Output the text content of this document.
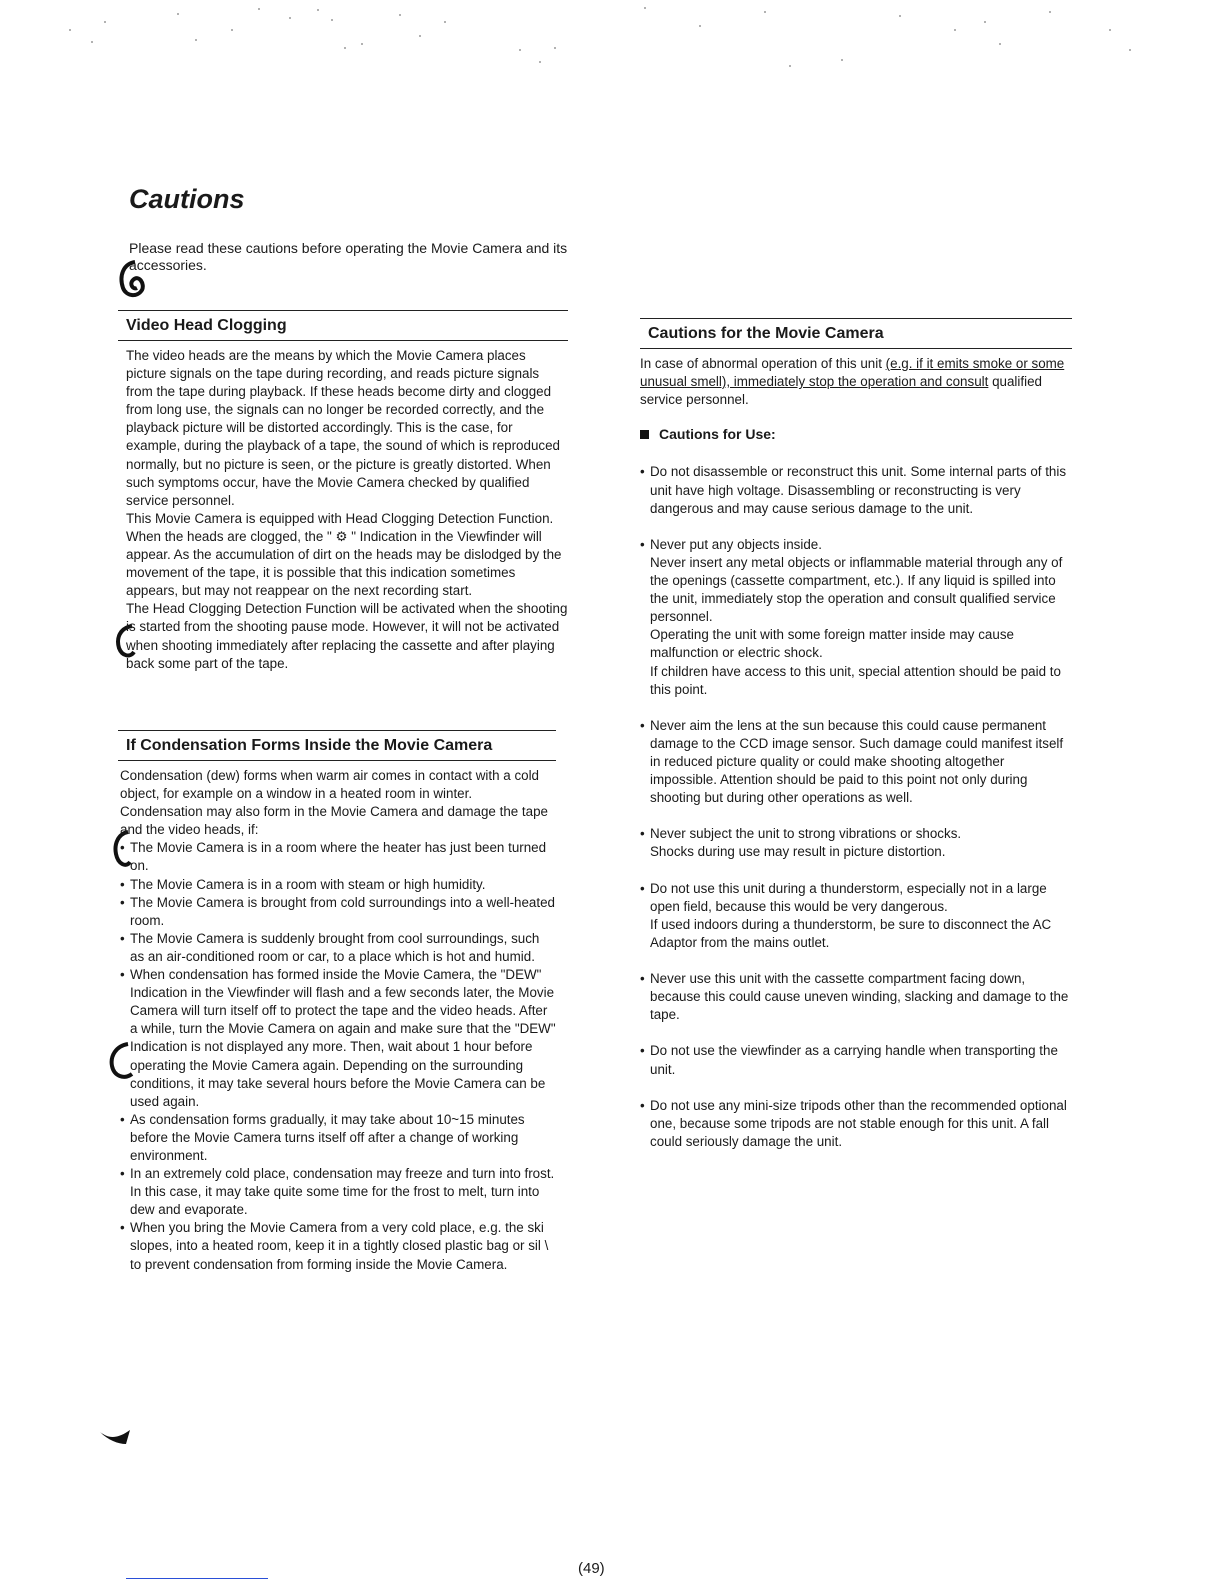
Cautions

Please read these cautions before operating the Movie Camera and its accessories.

Video Head Clogging

The video heads are the means by which the Movie Camera places picture signals on the tape during recording, and reads picture signals from the tape during playback. If these heads become dirty and clogged from long use, the signals can no longer be recorded correctly, and the playback picture will be distorted accordingly. This is the case, for example, during the playback of a tape, the sound of which is reproduced normally, but no picture is seen, or the picture is greatly distorted. When such symptoms occur, have the Movie Camera checked by qualified service personnel.

This Movie Camera is equipped with Head Clogging Detection Function. When the heads are clogged, the " ⚙ " Indication in the Viewfinder will appear. As the accumulation of dirt on the heads may be dislodged by the movement of the tape, it is possible that this indication sometimes appears, but may not reappear on the next recording start.

The Head Clogging Detection Function will be activated when the shooting is started from the shooting pause mode. However, it will not be activated when shooting immediately after replacing the cassette and after playing back some part of the tape.

If Condensation Forms Inside the Movie Camera

Condensation (dew) forms when warm air comes in contact with a cold object, for example on a window in a heated room in winter. Condensation may also form in the Movie Camera and damage the tape and the video heads, if:

• The Movie Camera is in a room where the heater has just been turned on.
• The Movie Camera is in a room with steam or high humidity.
• The Movie Camera is brought from cold surroundings into a well-heated room.
• The Movie Camera is suddenly brought from cool surroundings, such as an air-conditioned room or car, to a place which is hot and humid.
• When condensation has formed inside the Movie Camera, the "DEW" Indication in the Viewfinder will flash and a few seconds later, the Movie Camera will turn itself off to protect the tape and the video heads. After a while, turn the Movie Camera on again and make sure that the "DEW" Indication is not displayed any more. Then, wait about 1 hour before operating the Movie Camera again. Depending on the surrounding conditions, it may take several hours before the Movie Camera can be used again.
• As condensation forms gradually, it may take about 10~15 minutes before the Movie Camera turns itself off after a change of working environment.
• In an extremely cold place, condensation may freeze and turn into frost. In this case, it may take quite some time for the frost to melt, turn into dew and evaporate.
• When you bring the Movie Camera from a very cold place, e.g. the ski slopes, into a heated room, keep it in a tightly closed plastic bag or sil \ to prevent condensation from forming inside the Movie Camera.
Cautions for the Movie Camera

In case of abnormal operation of this unit (e.g. if it emits smoke or some unusual smell), immediately stop the operation and consult qualified service personnel.

Cautions for Use:

• Do not disassemble or reconstruct this unit. Some internal parts of this unit have high voltage. Disassembling or reconstructing is very dangerous and may cause serious damage to the unit.

• Never put any objects inside.
Never insert any metal objects or inflammable material through any of the openings (cassette compartment, etc.). If any liquid is spilled into the unit, immediately stop the operation and consult qualified service personnel.
Operating the unit with some foreign matter inside may cause malfunction or electric shock.
If children have access to this unit, special attention should be paid to this point.

• Never aim the lens at the sun because this could cause permanent damage to the CCD image sensor. Such damage could manifest itself in reduced picture quality or could make shooting altogether impossible. Attention should be paid to this point not only during shooting but during other operations as well.

• Never subject the unit to strong vibrations or shocks.
Shocks during use may result in picture distortion.

• Do not use this unit during a thunderstorm, especially not in a large open field, because this would be very dangerous.
If used indoors during a thunderstorm, be sure to disconnect the AC Adaptor from the mains outlet.

• Never use this unit with the cassette compartment facing down, because this could cause uneven winding, slacking and damage to the tape.

• Do not use the viewfinder as a carrying handle when transporting the unit.

• Do not use any mini-size tripods other than the recommended optional one, because some tripods are not stable enough for this unit. A fall could seriously damage the unit.

(49)
